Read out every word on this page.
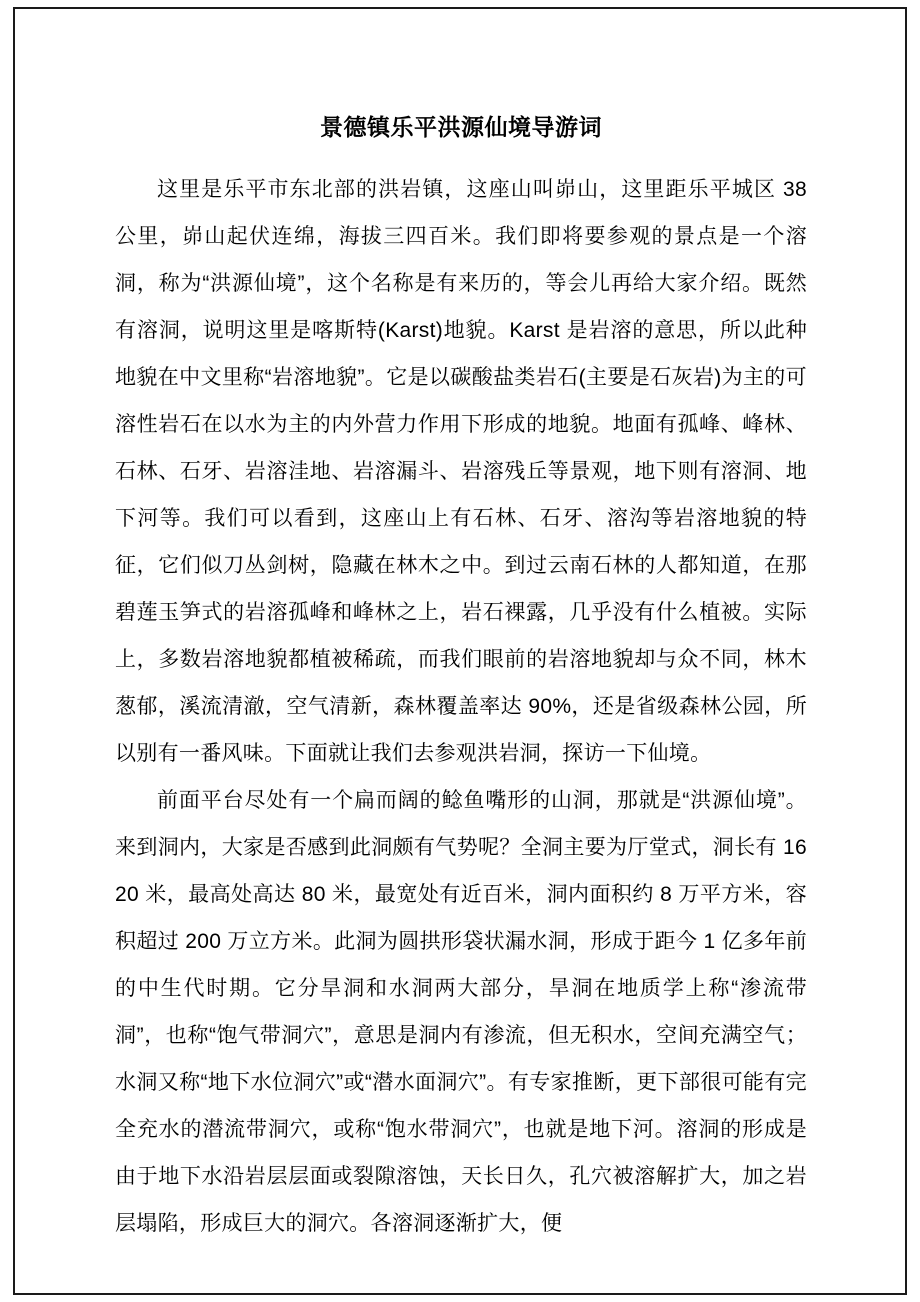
景德镇乐平洪源仙境导游词

这里是乐平市东北部的洪岩镇，这座山叫峁山，这里距乐平城区 38 公里，峁山起伏连绵，海拔三四百米。我们即将要参观的景点是一个溶洞，称为“洪源仙境”，这个名称是有来历的，等会儿再给大家介绍。既然有溶洞，说明这里是喀斯特(Karst)地貌。Karst 是岩溶的意思，所以此种地貌在中文里称“岩溶地貌”。它是以碳酸盐类岩石(主要是石灰岩)为主的可溶性岩石在以水为主的内外营力作用下形成的地貌。地面有孤峰、峰林、石林、石牙、岩溶洼地、岩溶漏斗、岩溶残丘等景观，地下则有溶洞、地下河等。我们可以看到，这座山上有石林、石牙、溶沟等岩溶地貌的特征，它们似刀丛剑树，隐藏在林木之中。到过云南石林的人都知道，在那碧莲玉笋式的岩溶孤峰和峰林之上，岩石裸露，几乎没有什么植被。实际上，多数岩溶地貌都植被稀疏，而我们眼前的岩溶地貌却与众不同，林木葱郁，溪流清澈，空气清新，森林覆盖率达 90%，还是省级森林公园，所以别有一番风味。下面就让我们去参观洪岩洞，探访一下仙境。

前面平台尽处有一个扁而阔的鲶鱼嘴形的山洞，那就是“洪源仙境”。来到洞内，大家是否感到此洞颇有气势呢？全洞主要为厅堂式，洞长有 1620 米，最高处高达 80 米，最宽处有近百米，洞内面积约 8 万平方米，容积超过 200 万立方米。此洞为圆拱形袋状漏水洞，形成于距今 1 亿多年前的中生代时期。它分旱洞和水洞两大部分，旱洞在地质学上称“渗流带洞”，也称“饱气带洞穴”，意思是洞内有渗流，但无积水，空间充满空气；水洞又称“地下水位洞穴”或“潜水面洞穴”。有专家推断，更下部很可能有完全充水的潜流带洞穴，或称“饱水带洞穴”，也就是地下河。溶洞的形成是由于地下水沿岩层层面或裂隙溶蚀，天长日久，孔穴被溶解扩大，加之岩层塌陷，形成巨大的洞穴。各溶洞逐渐扩大，便
